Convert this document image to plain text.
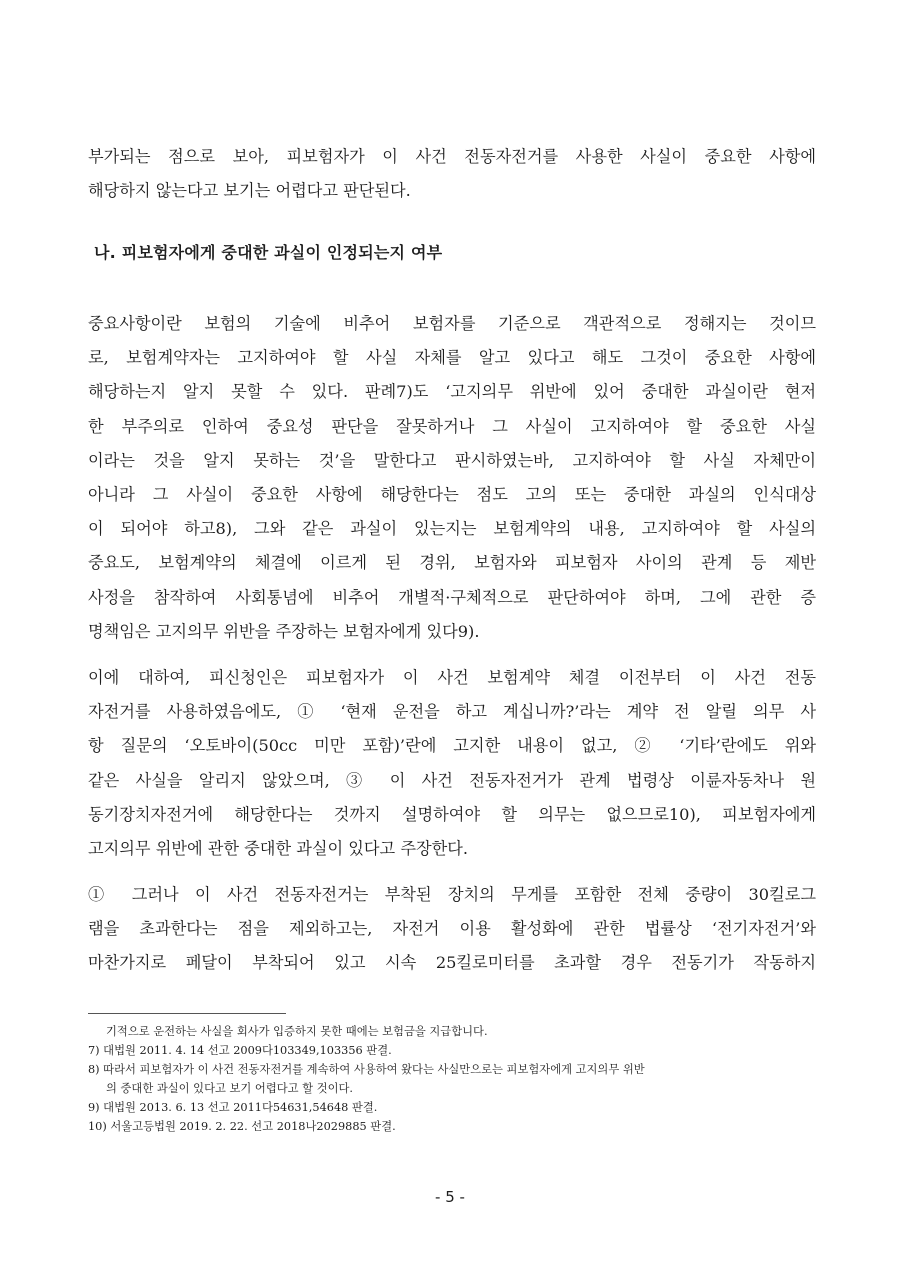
부가되는 점으로 보아, 피보험자가 이 사건 전동자전거를 사용한 사실이 중요한 사항에
해당하지 않는다고 보기는 어렵다고 판단된다.

나. 피보험자에게 중대한 과실이 인정되는지 여부

중요사항이란 보험의 기술에 비추어 보험자를 기준으로 객관적으로 정해지는 것이므
로, 보험계약자는 고지하여야 할 사실 자체를 알고 있다고 해도 그것이 중요한 사항에
해당하는지 알지 못할 수 있다. 판례7)도 ‘고지의무 위반에 있어 중대한 과실이란 현저
한 부주의로 인하여 중요성 판단을 잘못하거나 그 사실이 고지하여야 할 중요한 사실
이라는 것을 알지 못하는 것’을 말한다고 판시하였는바, 고지하여야 할 사실 자체만이
아니라 그 사실이 중요한 사항에 해당한다는 점도 고의 또는 중대한 과실의 인식대상
이 되어야 하고8), 그와 같은 과실이 있는지는 보험계약의 내용, 고지하여야 할 사실의
중요도, 보험계약의 체결에 이르게 된 경위, 보험자와 피보험자 사이의 관계 등 제반
사정을 참작하여 사회통념에 비추어 개별적·구체적으로 판단하여야 하며, 그에 관한 증
명책임은 고지의무 위반을 주장하는 보험자에게 있다9).

이에 대하여, 피신청인은 피보험자가 이 사건 보험계약 체결 이전부터 이 사건 전동
자전거를 사용하였음에도, ① ‘현재 운전을 하고 계십니까?’라는 계약 전 알릴 의무 사
항 질문의 ‘오토바이(50cc 미만 포함)’란에 고지한 내용이 없고, ② ‘기타’란에도 위와
같은 사실을 알리지 않았으며, ③ 이 사건 전동자전거가 관계 법령상 이륜자동차나 원
동기장치자전거에 해당한다는 것까지 설명하여야 할 의무는 없으므로10), 피보험자에게
고지의무 위반에 관한 중대한 과실이 있다고 주장한다.

① 그러나 이 사건 전동자전거는 부착된 장치의 무게를 포함한 전체 중량이 30킬로그
램을 초과한다는 점을 제외하고는, 자전거 이용 활성화에 관한 법률상 ‘전기자전거’와
마찬가지로 페달이 부착되어 있고 시속 25킬로미터를 초과할 경우 전동기가 작동하지

기적으로 운전하는 사실을 회사가 입증하지 못한 때에는 보험금을 지급합니다.
7) 대법원 2011. 4. 14 선고 2009다103349,103356 판결.
8) 따라서 피보험자가 이 사건 전동자전거를 계속하여 사용하여 왔다는 사실만으로는 피보험자에게 고지의무 위반
의 중대한 과실이 있다고 보기 어렵다고 할 것이다.
9) 대법원 2013. 6. 13 선고 2011다54631,54648 판결.
10) 서울고등법원 2019. 2. 22. 선고 2018나2029885 판결.
- 5 -
